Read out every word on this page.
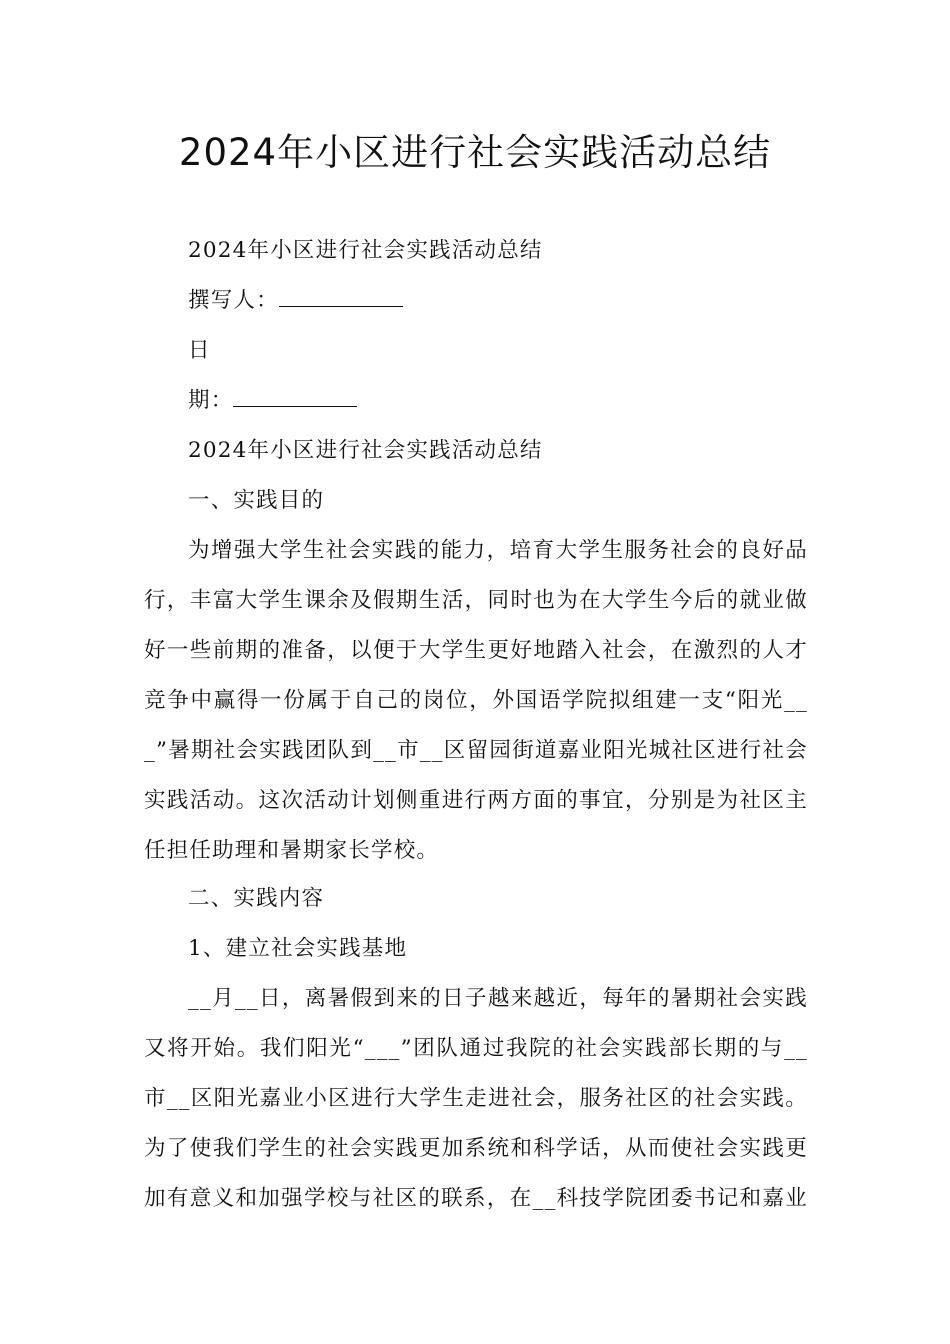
2024年小区进行社会实践活动总结
2024年小区进行社会实践活动总结
撰写人：
日
期：
2024年小区进行社会实践活动总结
一、实践目的
为增强大学生社会实践的能力，培育大学生服务社会的良好品
行，丰富大学生课余及假期生活，同时也为在大学生今后的就业做
好一些前期的准备，以便于大学生更好地踏入社会，在激烈的人才
竞争中赢得一份属于自己的岗位，外国语学院拟组建一支“阳光__
_”暑期社会实践团队到__市__区留园街道嘉业阳光城社区进行社会
实践活动。这次活动计划侧重进行两方面的事宜，分别是为社区主
任担任助理和暑期家长学校。
二、实践内容
1、建立社会实践基地
__月__日，离暑假到来的日子越来越近，每年的暑期社会实践
又将开始。我们阳光“___”团队通过我院的社会实践部长期的与__
市__区阳光嘉业小区进行大学生走进社会，服务社区的社会实践。
为了使我们学生的社会实践更加系统和科学话，从而使社会实践更
加有意义和加强学校与社区的联系，在__科技学院团委书记和嘉业
